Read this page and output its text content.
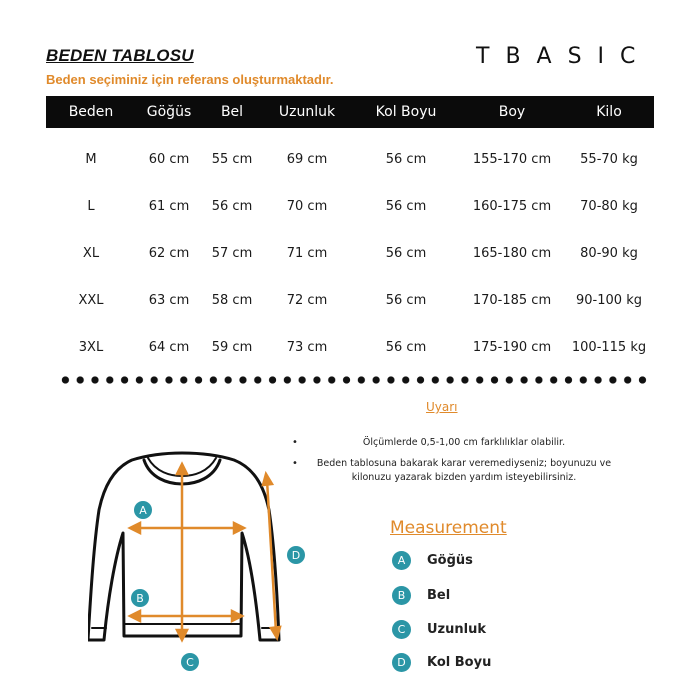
BEDEN TABLOSU
Beden seçiminiz için referans oluşturmaktadır.
TBASIC
Beden	Göğüs	Bel	Uzunluk	Kol Boyu	Boy	Kilo
M	60 cm	55 cm	69 cm	56 cm	155-170 cm	55-70 kg
L	61 cm	56 cm	70 cm	56 cm	160-175 cm	70-80 kg
XL	62 cm	57 cm	71 cm	56 cm	165-180 cm	80-90 kg
XXL	63 cm	58 cm	72 cm	56 cm	170-185 cm	90-100 kg
3XL	64 cm	59 cm	73 cm	56 cm	175-190 cm	100-115 kg
Uyarı
•	Ölçümlerde 0,5-1,00 cm farklılıklar olabilir.
•	Beden tablosuna bakarak karar veremediyseniz; boyunuzu ve kilonuzu yazarak bizden yardım isteyebilirsiniz.
Measurement
A	Göğüs
B	Bel
C	Uzunluk
D	Kol Boyu
A
B
C
D
